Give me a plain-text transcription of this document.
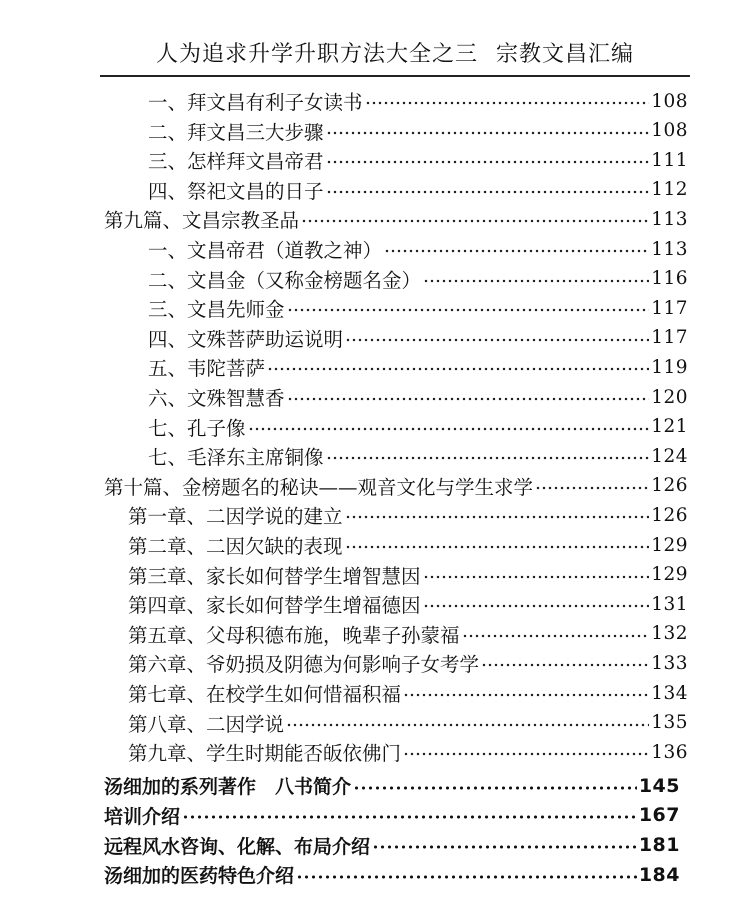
人为追求升学升职方法大全之三 宗教文昌汇编
一、拜文昌有利子女读书	108
二、拜文昌三大步骤	108
三、怎样拜文昌帝君	111
四、祭祀文昌的日子	112
第九篇、文昌宗教圣品	113
一、文昌帝君（道教之神）	113
二、文昌金（又称金榜题名金）	116
三、文昌先师金	117
四、文殊菩萨助运说明	117
五、韦陀菩萨	119
六、文殊智慧香	120
七、孔子像	121
七、毛泽东主席铜像	124
第十篇、金榜题名的秘诀——观音文化与学生求学	126
第一章、二因学说的建立	126
第二章、二因欠缺的表现	129
第三章、家长如何替学生增智慧因	129
第四章、家长如何替学生增福德因	131
第五章、父母积德布施，晚辈子孙蒙福	132
第六章、爷奶损及阴德为何影响子女考学	133
第七章、在校学生如何惜福积福	134
第八章、二因学说	135
第九章、学生时期能否皈依佛门	136
汤细加的系列著作　八书简介	145
培训介绍	167
远程风水咨询、化解、布局介绍	181
汤细加的医药特色介绍	184
